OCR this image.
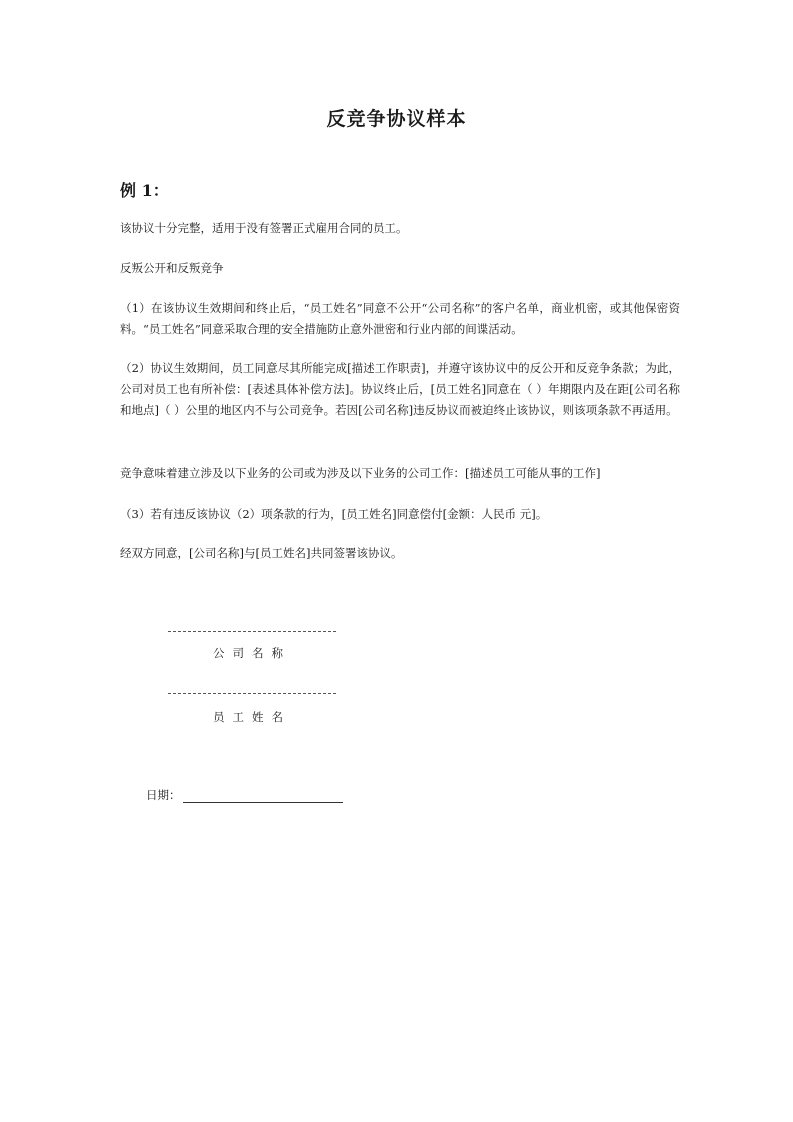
反竞争协议样本
例 1：

该协议十分完整，适用于没有签署正式雇用合同的员工。

反叛公开和反叛竞争

（1）在该协议生效期间和终止后，“员工姓名”同意不公开“公司名称”的客户名单，商业机密，或其他保密资料。“员工姓名”同意采取合理的安全措施防止意外泄密和行业内部的间谍活动。

（2）协议生效期间，员工同意尽其所能完成[描述工作职责]，并遵守该协议中的反公开和反竞争条款；为此，公司对员工也有所补偿：[表述具体补偿方法]。协议终止后，[员工姓名]同意在（ ）年期限内及在距[公司名称和地点]（ ）公里的地区内不与公司竞争。若因[公司名称]违反协议而被迫终止该协议，则该项条款不再适用。

竞争意味着建立涉及以下业务的公司或为涉及以下业务的公司工作：[描述员工可能从事的工作]

（3）若有违反该协议（2）项条款的行为，[员工姓名]同意偿付[金额：人民币 元]。

经双方同意，[公司名称]与[员工姓名]共同签署该协议。

公司名称
员工姓名
日期：
